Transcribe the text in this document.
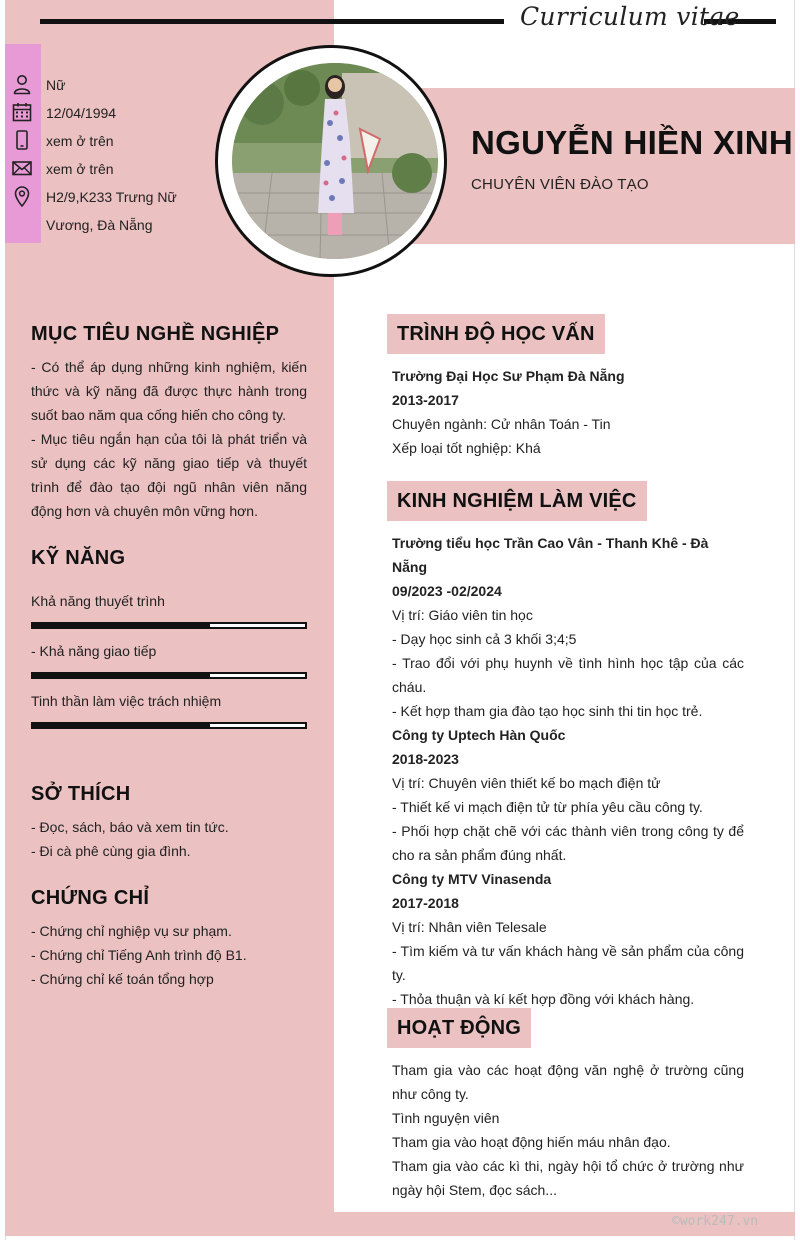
Curriculum vitae
Nữ
12/04/1994
xem ở trên
xem ở trên
H2/9,K233 Trưng Nữ
Vương, Đà Nẵng
NGUYỄN HIỀN XINH
CHUYÊN VIÊN ĐÀO TẠO
MỤC TIÊU NGHỀ NGHIỆP

- Có thể áp dụng những kinh nghiệm, kiến thức và kỹ năng đã được thực hành trong suốt bao năm qua cống hiến cho công ty.

- Mục tiêu ngắn hạn của tôi là phát triển và sử dụng các kỹ năng giao tiếp và thuyết trình để đào tạo đội ngũ nhân viên năng động hơn và chuyên môn vững hơn.

KỸ NĂNG
Khả năng thuyết trình
- Khả năng giao tiếp
Tinh thần làm việc trách nhiệm
SỞ THÍCH

- Đọc, sách, báo và xem tin tức.

- Đi cà phê cùng gia đình.

CHỨNG CHỈ

- Chứng chỉ nghiệp vụ sư phạm.

- Chứng chỉ Tiếng Anh trình độ B1.

- Chứng chỉ kế toán tổng hợp

TRÌNH ĐỘ HỌC VẤN

Trường Đại Học Sư Phạm Đà Nẵng

2013-2017

Chuyên ngành: Cử nhân Toán - Tin

Xếp loại tốt nghiệp: Khá

KINH NGHIỆM LÀM VIỆC

Trường tiểu học Trần Cao Vân - Thanh Khê - Đà Nẵng

09/2023 -02/2024

Vị trí: Giáo viên tin học

- Dạy học sinh cả 3 khối 3;4;5

- Trao đổi với phụ huynh về tình hình học tập của các cháu.

- Kết hợp tham gia đào tạo học sinh thi tin học trẻ.

Công ty Uptech Hàn Quốc

2018-2023

Vị trí: Chuyên viên thiết kế bo mạch điện tử

- Thiết kế vi mạch điện tử từ phía yêu cầu công ty.

- Phối hợp chặt chẽ với các thành viên trong công ty để cho ra sản phẩm đúng nhất.

Công ty MTV Vinasenda

2017-2018

Vị trí: Nhân viên Telesale

- Tìm kiếm và tư vấn khách hàng về sản phẩm của công ty.

- Thỏa thuận và kí kết hợp đồng với khách hàng.

HOẠT ĐỘNG

Tham gia vào các hoạt động văn nghệ ở trường cũng như công ty.

Tình nguyện viên

Tham gia vào hoạt động hiến máu nhân đạo.

Tham gia vào các kì thi, ngày hội tổ chức ở trường như ngày hội Stem, đọc sách...

©work247.vn
